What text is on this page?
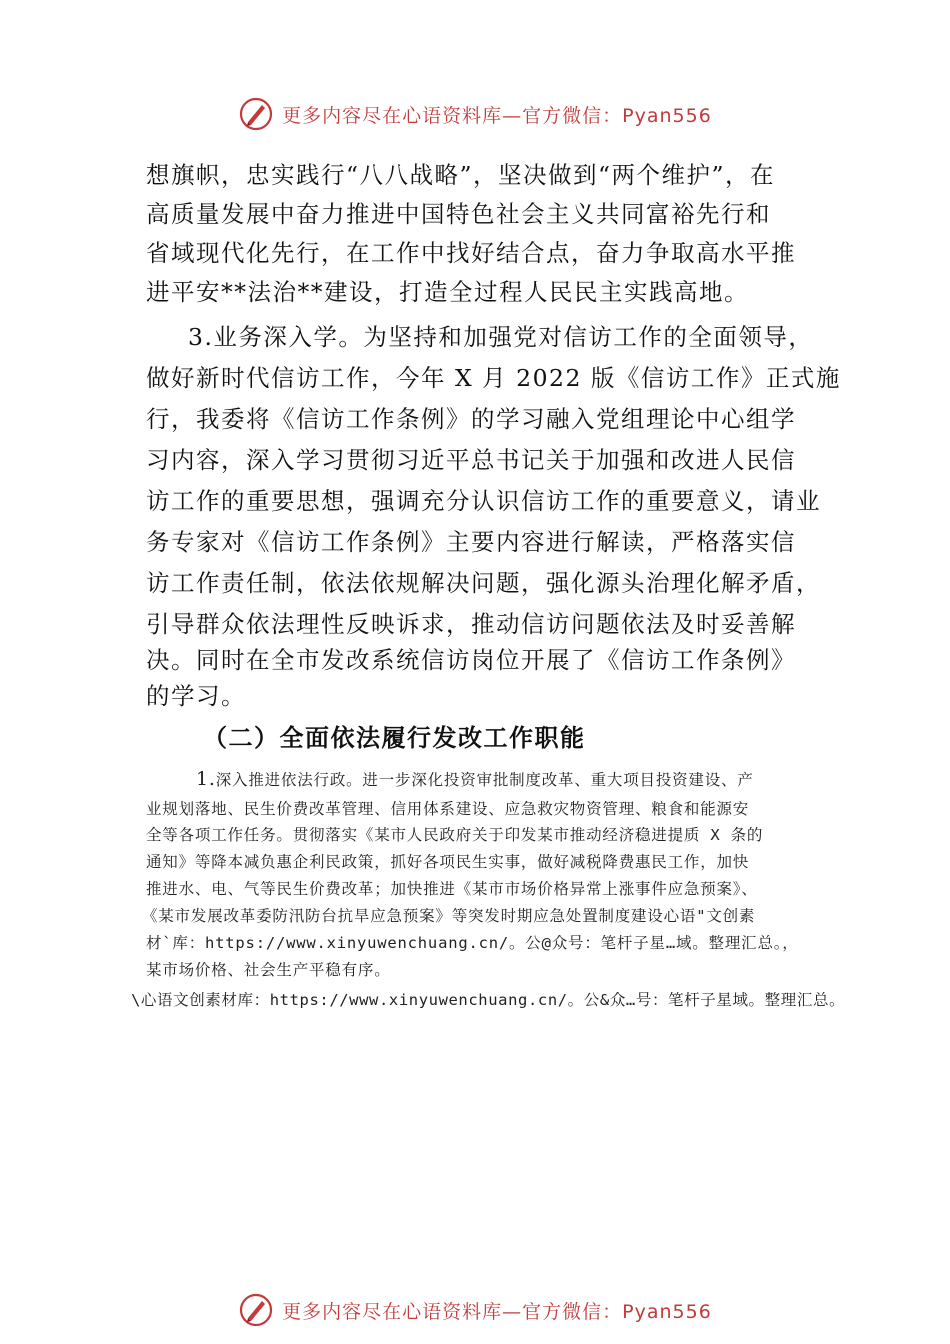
更多内容尽在心语资料库—官方微信：Pyan556
想旗帜，忠实践行“八八战略”，坚决做到“两个维护”，在
高质量发展中奋力推进中国特色社会主义共同富裕先行和
省域现代化先行，在工作中找好结合点，奋力争取高水平推
进平安**法治**建设，打造全过程人民民主实践高地。
3.业务深入学。为坚持和加强党对信访工作的全面领导，
做好新时代信访工作，今年 X 月 2022 版《信访工作》正式施
行，我委将《信访工作条例》的学习融入党组理论中心组学
习内容，深入学习贯彻习近平总书记关于加强和改进人民信
访工作的重要思想，强调充分认识信访工作的重要意义，请业
务专家对《信访工作条例》主要内容进行解读，严格落实信
访工作责任制，依法依规解决问题，强化源头治理化解矛盾，
引导群众依法理性反映诉求，推动信访问题依法及时妥善解
决。同时在全市发改系统信访岗位开展了《信访工作条例》
的学习。
（二）全面依法履行发改工作职能
1.深入推进依法行政。进一步深化投资审批制度改革、重大项目投资建设、产
业规划落地、民生价费改革管理、信用体系建设、应急救灾物资管理、粮食和能源安
全等各项工作任务。贯彻落实《某市人民政府关于印发某市推动经济稳进提质 X 条的
通知》等降本减负惠企利民政策，抓好各项民生实事，做好减税降费惠民工作，加快
推进水、电、气等民生价费改革；加快推进《某市市场价格异常上涨事件应急预案》、
《某市发展改革委防汛防台抗旱应急预案》等突发时期应急处置制度建设心语"文创素
材`库：https://www.xinyuwenchuang.cn/。公@众号：笔杆子星…域。整理汇总。，
某市场价格、社会生产平稳有序。
\心语文创素材库：https://www.xinyuwenchuang.cn/。公&众…号：笔杆子星域。整理汇总。
更多内容尽在心语资料库—官方微信：Pyan556
